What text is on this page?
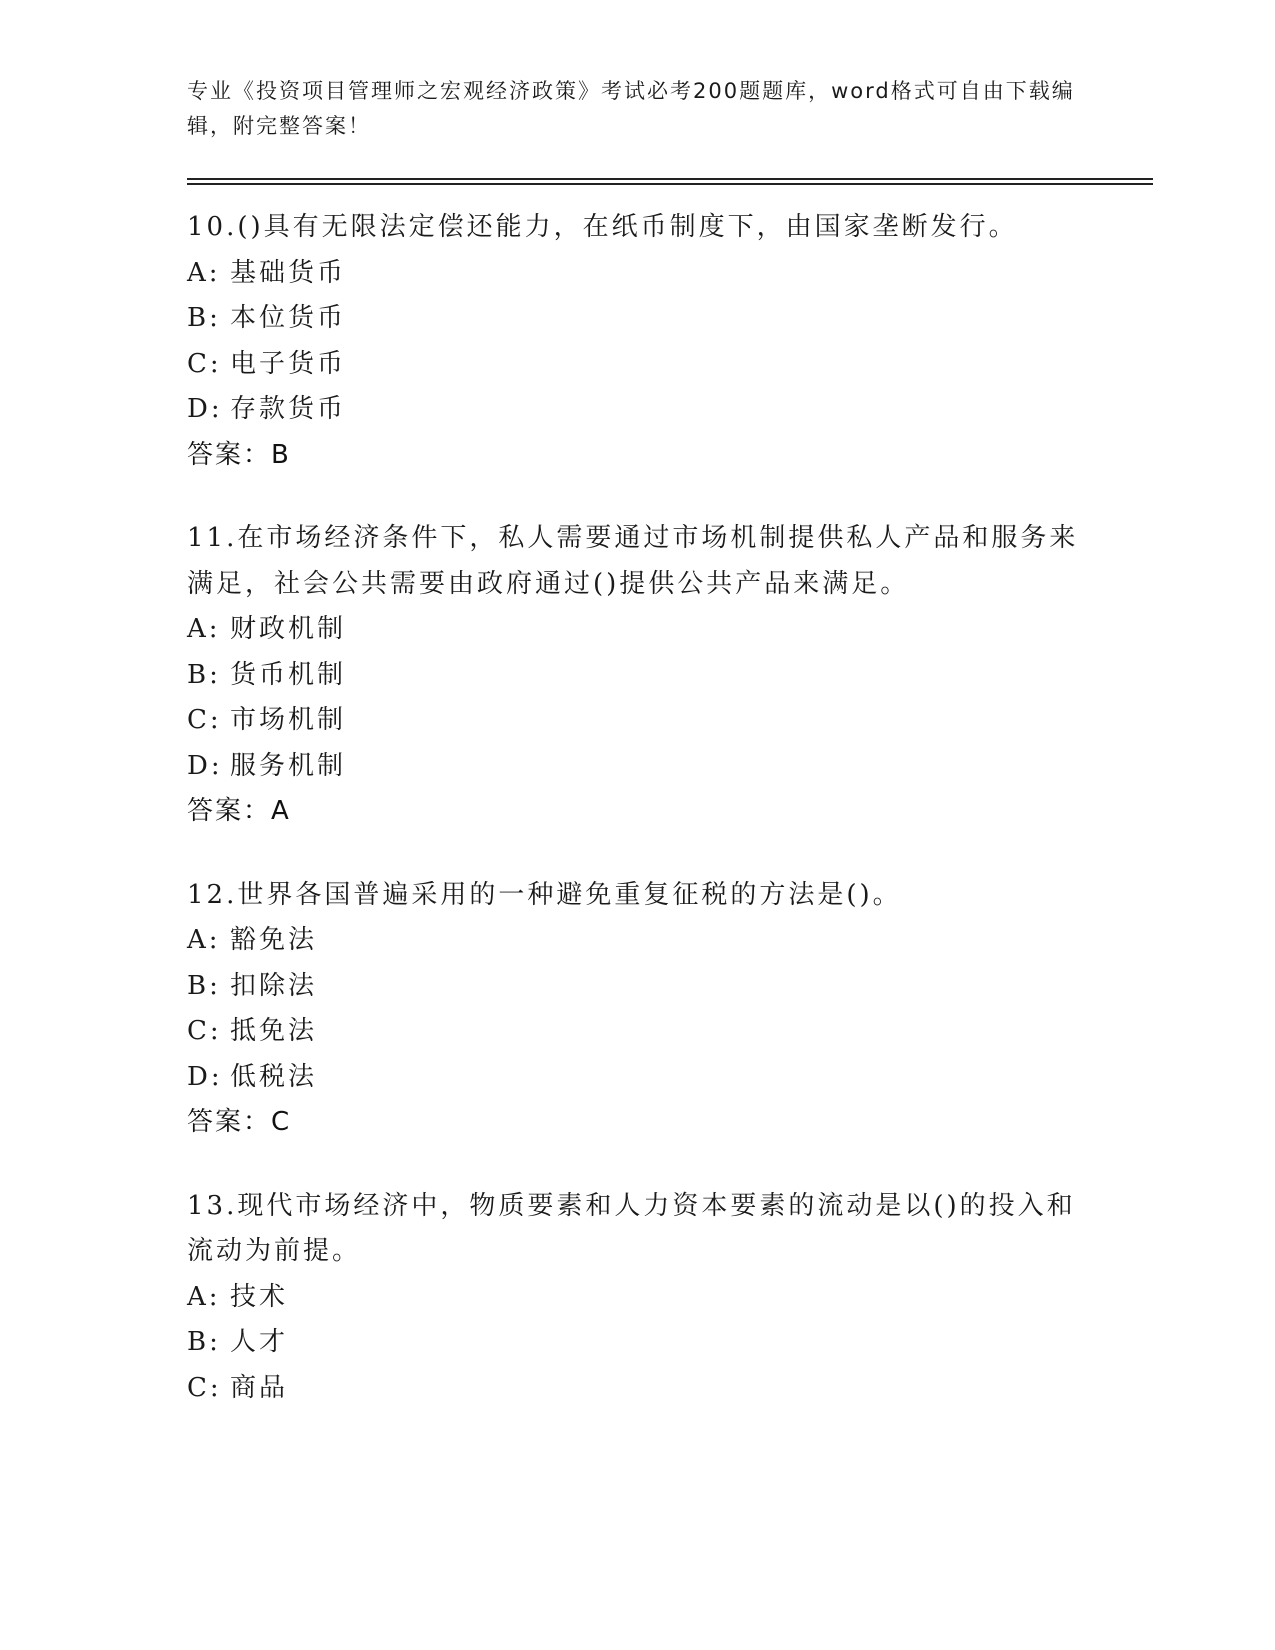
专业《投资项目管理师之宏观经济政策》考试必考200题题库，word格式可自由下载编辑，附完整答案！

10.()具有无限法定偿还能力，在纸币制度下，由国家垄断发行。

A: 基础货币

B: 本位货币

C: 电子货币

D: 存款货币

答案：B

11.在市场经济条件下，私人需要通过市场机制提供私人产品和服务来满足，社会公共需要由政府通过()提供公共产品来满足。

A: 财政机制

B: 货币机制

C: 市场机制

D: 服务机制

答案：A

12.世界各国普遍采用的一种避免重复征税的方法是()。

A: 豁免法

B: 扣除法

C: 抵免法

D: 低税法

答案：C

13.现代市场经济中，物质要素和人力资本要素的流动是以()的投入和流动为前提。

A: 技术

B: 人才

C: 商品
